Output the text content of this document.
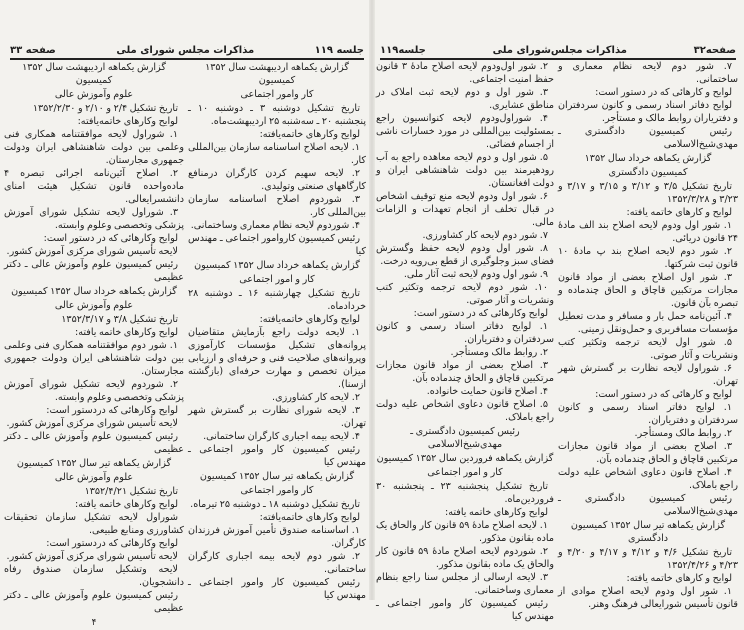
جلسه ۱۱۹
مذاکرات مجلس شورای ملی
صفحه ۳۳

گزارش یکماهه اردیبهشت سال ۱۳۵۲ کمیسیون

کار وامور اجتماعی

تاریخ تشکیل دوشنبه ۳ ـ دوشنبه ۱۰ ـ پنجشنبه ۲۰ ـ سه‌شنبه ۲۵ اردیبهشت‌ماه.

لوایح وکارهای خاتمه‌یافته:

۱. لایحه اصلاح اساسنامه سازمان بین‌المللی کار.

۲. لایحه سهیم کردن کارگران درمنافع کارگاههای صنعتی وتولیدی.

۳. شوردوم اصلاح اساسنامه سازمان بین‌المللی کار.

۴. شوردوم لایحه نظام معماری وساختمانی.

رئیس کمیسیون کاروامور اجتماعی ـ مهندس کیا

گزارش یکماهه خرداد سال ۱۳۵۲ کمیسیون

کار و امور اجتماعی

تاریخ تشکیل چهارشنبه ۱۶ ـ دوشنبه ۲۸ خردادماه.

لوایح وکارهای خاتمه‌یافته:

۱. لایحه دولت راجع بآزمایش متقاضیان پروانه‌های تشکیل مؤسسات کارآموزی وپروانه‌های صلاحیت فنی و حرفه‌ای و ارزیابی میزان تخصص و مهارت حرفه‌ای (بازگشته ازسنا).

۲. لایحه کار کشاورزی.

۳. لایحه شورای نظارت بر گسترش شهر تهران.

۴. لایحه بیمه اجباری کارگران ساختمانی.

رئیس کمیسیون کار وامور اجتماعی ـ مهندس کیا

گزارش یکماهه تیر سال ۱۳۵۲ کمیسیون

کار وامور اجتماعی

تاریخ تشکیل دوشنبه ۱۸ ـ دوشنبه ۲۵ تیرماه.

لوایح وکارهای خاتمه‌یافته:

۱. اساسنامه صندوق تأمین آموزش فرزندان کارگران.

۲. شور دوم لایحه بیمه اجباری کارگران ساختمانی.

رئیس کمیسیون کار وامور اجتماعی ـ مهندس کیا

گزارش یکماهه اردیبهشت سال ۱۳۵۲ کمیسیون

علوم وآموزش عالی

تاریخ تشکیل ۲/۴ و ۲/۱۰ و ۱۳۵۲/۲/۳۰

لوایح وکارهای خاتمه‌یافته:

۱. شوراول لایحه موافقتنامه همکاری فنی وعلمی بین دولت شاهنشاهی ایران ودولت جمهوری مجارستان.

۲. اصلاح آئین‌نامه اجرائی تبصره ۴ ماده‌واحده قانون تشکیل هیئت امنای دانشسرایعالی.

۳. شوراول لایحه تشکیل شورای آموزش پزشکی وتخصصی وعلوم وابسته.

لوایح وکارهائی که در دستور است:

لایحه تأسیس شورای مرکزی آموزش کشور.

رئیس کمیسیون علوم وآموزش عالی ـ دکتر عظیمی

گزارش یکماهه خرداد سال ۱۳۵۲ کمیسیون

علوم وآموزش عالی

تاریخ تشکیل ۳/۸ و ۱۳۵۲/۳/۱۷

لوایح وکارهای خاتمه یافته:

۱. شور دوم موافقتنامه همکاری فنی وعلمی بین دولت شاهنشاهی ایران ودولت جمهوری مجارستان.

۲. شوردوم لایحه تشکیل شورای آموزش پزشکی وتخصصی وعلوم وابسته.

لوایح وکارهائی که دردستور است:

لایحه تأسیس شورای مرکزی آموزش کشور.

رئیس کمیسیون علوم وآموزش عالی ـ دکتر عظیمی

گزارش یکماهه تیر سال ۱۳۵۲ کمیسیون

علوم وآموزش عالی

تاریخ تشکیل ۱۳۵۲/۴/۲۱

لوایح وکارهای خاتمه یافته:

شوراول لایحه تشکیل سازمان تحقیقات کشاورزی ومنابع طبیعی.

لوایح وکارهائی که دردستور است:

لایحه تأسیس شورای مرکزی آموزش کشور.

لایحه وتشکیل سازمان صندوق رفاه دانشجویان.

رئیس کمیسیون علوم وآموزش عالی ـ دکتر عظیمی

۴
صفحه۳۲
مذاکرات مجلس‌شورای ملی
جلسه۱۱۹

۷. شور دوم لایحه نظام معماری و ساختمانی.

لوایح و کارهائی که در دستور است:

لوایح دفاتر اسناد رسمی و کانون سردفتران و دفتریاران روابط مالک و مستأجر.

رئیس کمیسیون دادگستری ـ مهدی‌شیخ‌الاسلامی

گزارش یکماهه خرداد سال ۱۳۵۲

کمیسیون دادگستری

تاریخ تشکیل ۳/۵ و ۳/۱۲ و ۳/۱۵ و ۳/۱۷ و ۳/۲۳ و ۱۳۵۲/۳/۲۸

لوایح و کارهای خاتمه یافته:

۱. شور اول ودوم لایحه اصلاح بند الف مادهٔ ۲۴ قانون دریائی.

۲. شور دوم لایحه اصلاح بند پ مادهٔ ۱۰ قانون ثبت شرکتها.

۳. شور اول اصلاح بعضی از مواد قانون مجازات مرتکبین قاچاق و الحاق چندماده و تبصره بآن قانون.

۴. آئین‌نامه حمل بار و مسافر و مدت تعطیل مؤسسات مسافربری و حمل‌ونقل زمینی.

۵. شور اول لایحه ترجمه وتکثیر کتب ونشریات و آثار صوتی.

۶. شوراول لایحه نظارت بر گسترش شهر تهران.

لوایح و کارهائی که در دستور است:

۱. لوایح دفاتر اسناد رسمی و کانون سردفتران و دفتریاران.

۲. روابط مالک ومستأجر.

۳. اصلاح بعضی از مواد قانون مجازات مرتکبین قاچاق و الحاق چندماده بآن.

۴. اصلاح قانون دعاوی اشخاص علیه دولت راجع باملاک.

رئیس کمیسیون دادگستری ـ مهدی‌شیخ‌الاسلامی

گزارش یکماهه تیر سال ۱۳۵۲ کمیسیون دادگستری

تاریخ تشکیل ۴/۶ و ۴/۱۲ و ۴/۱۷ و ۴/۲۰ و ۴/۲۳ و ۱۳۵۲/۴/۲۶

لوایح و کارهای خاتمه یافته:

۱. شور اول ودوم لایحه اصلاح موادی از قانون تأسیس شورایعالی فرهنگ وهنر.

۲. شور اول‌ودوم لایحه اصلاح مادهٔ ۳ قانون حفظ امنیت اجتماعی.

۳. شور اول و دوم لایحه ثبت املاک در مناطق عشایری.

۴. شوراول‌ودوم لایحه کنوانسیون راجع بمسئولیت بین‌المللی در مورد خسارات ناشی از اجسام فضائی.

۵. شور اول و دوم لایحه معاهده راجع به آب رودهیرمند بین دولت شاهنشاهی ایران و دولت افغانستان.

۶. شور اول ودوم لایحه منع توقیف اشخاص در قبال تخلف از انجام تعهدات و الزامات مالی.

۷. شور دوم لایحه کار کشاورزی.

۸. شور اول ودوم لایحه حفظ وگسترش فضای سبز وجلوگیری از قطع بی‌رویه درخت.

۹. شور اول ودوم لایحه ثبت آثار ملی.

۱۰. شور دوم لایحه ترجمه وتکثیر کتب ونشریات و آثار صوتی.

لوایح وکارهائی که در دستور است:

۱. لوایح دفاتر اسناد رسمی و کانون سردفتران و دفتریاران.

۲. روابط مالک ومستأجر.

۳. اصلاح بعضی از مواد قانون مجازات مرتکبین قاچاق و الحاق چندماده بآن.

۴. اصلاح قانون حمایت خانواده.

۵. اصلاح قانون دعاوی اشخاص علیه دولت راجع باملاک.

رئیس کمیسیون دادگستری ـ مهدی‌شیخ‌الاسلامی

گزارش یکماهه فروردین سال ۱۳۵۲ کمیسیون

کار و امور اجتماعی

تاریخ تشکیل پنجشنبه ۲۳ ـ پنجشنبه ۳۰ فروردین‌ماه.

لوایح وکارهای خاتمه یافته:

۱. لایحه اصلاح مادهٔ ۵۹ قانون کار والحاق یک ماده بقانون مذکور.

۲. شوردوم لایحه اصلاح مادهٔ ۵۹ قانون کار والحاق یک ماده بقانون مذکور.

۳. لایحه ارسالی از مجلس سنا راجع بنظام معماری وساختمانی.

رئیس کمیسیون کار وامور اجتماعی ـ مهندس کیا
